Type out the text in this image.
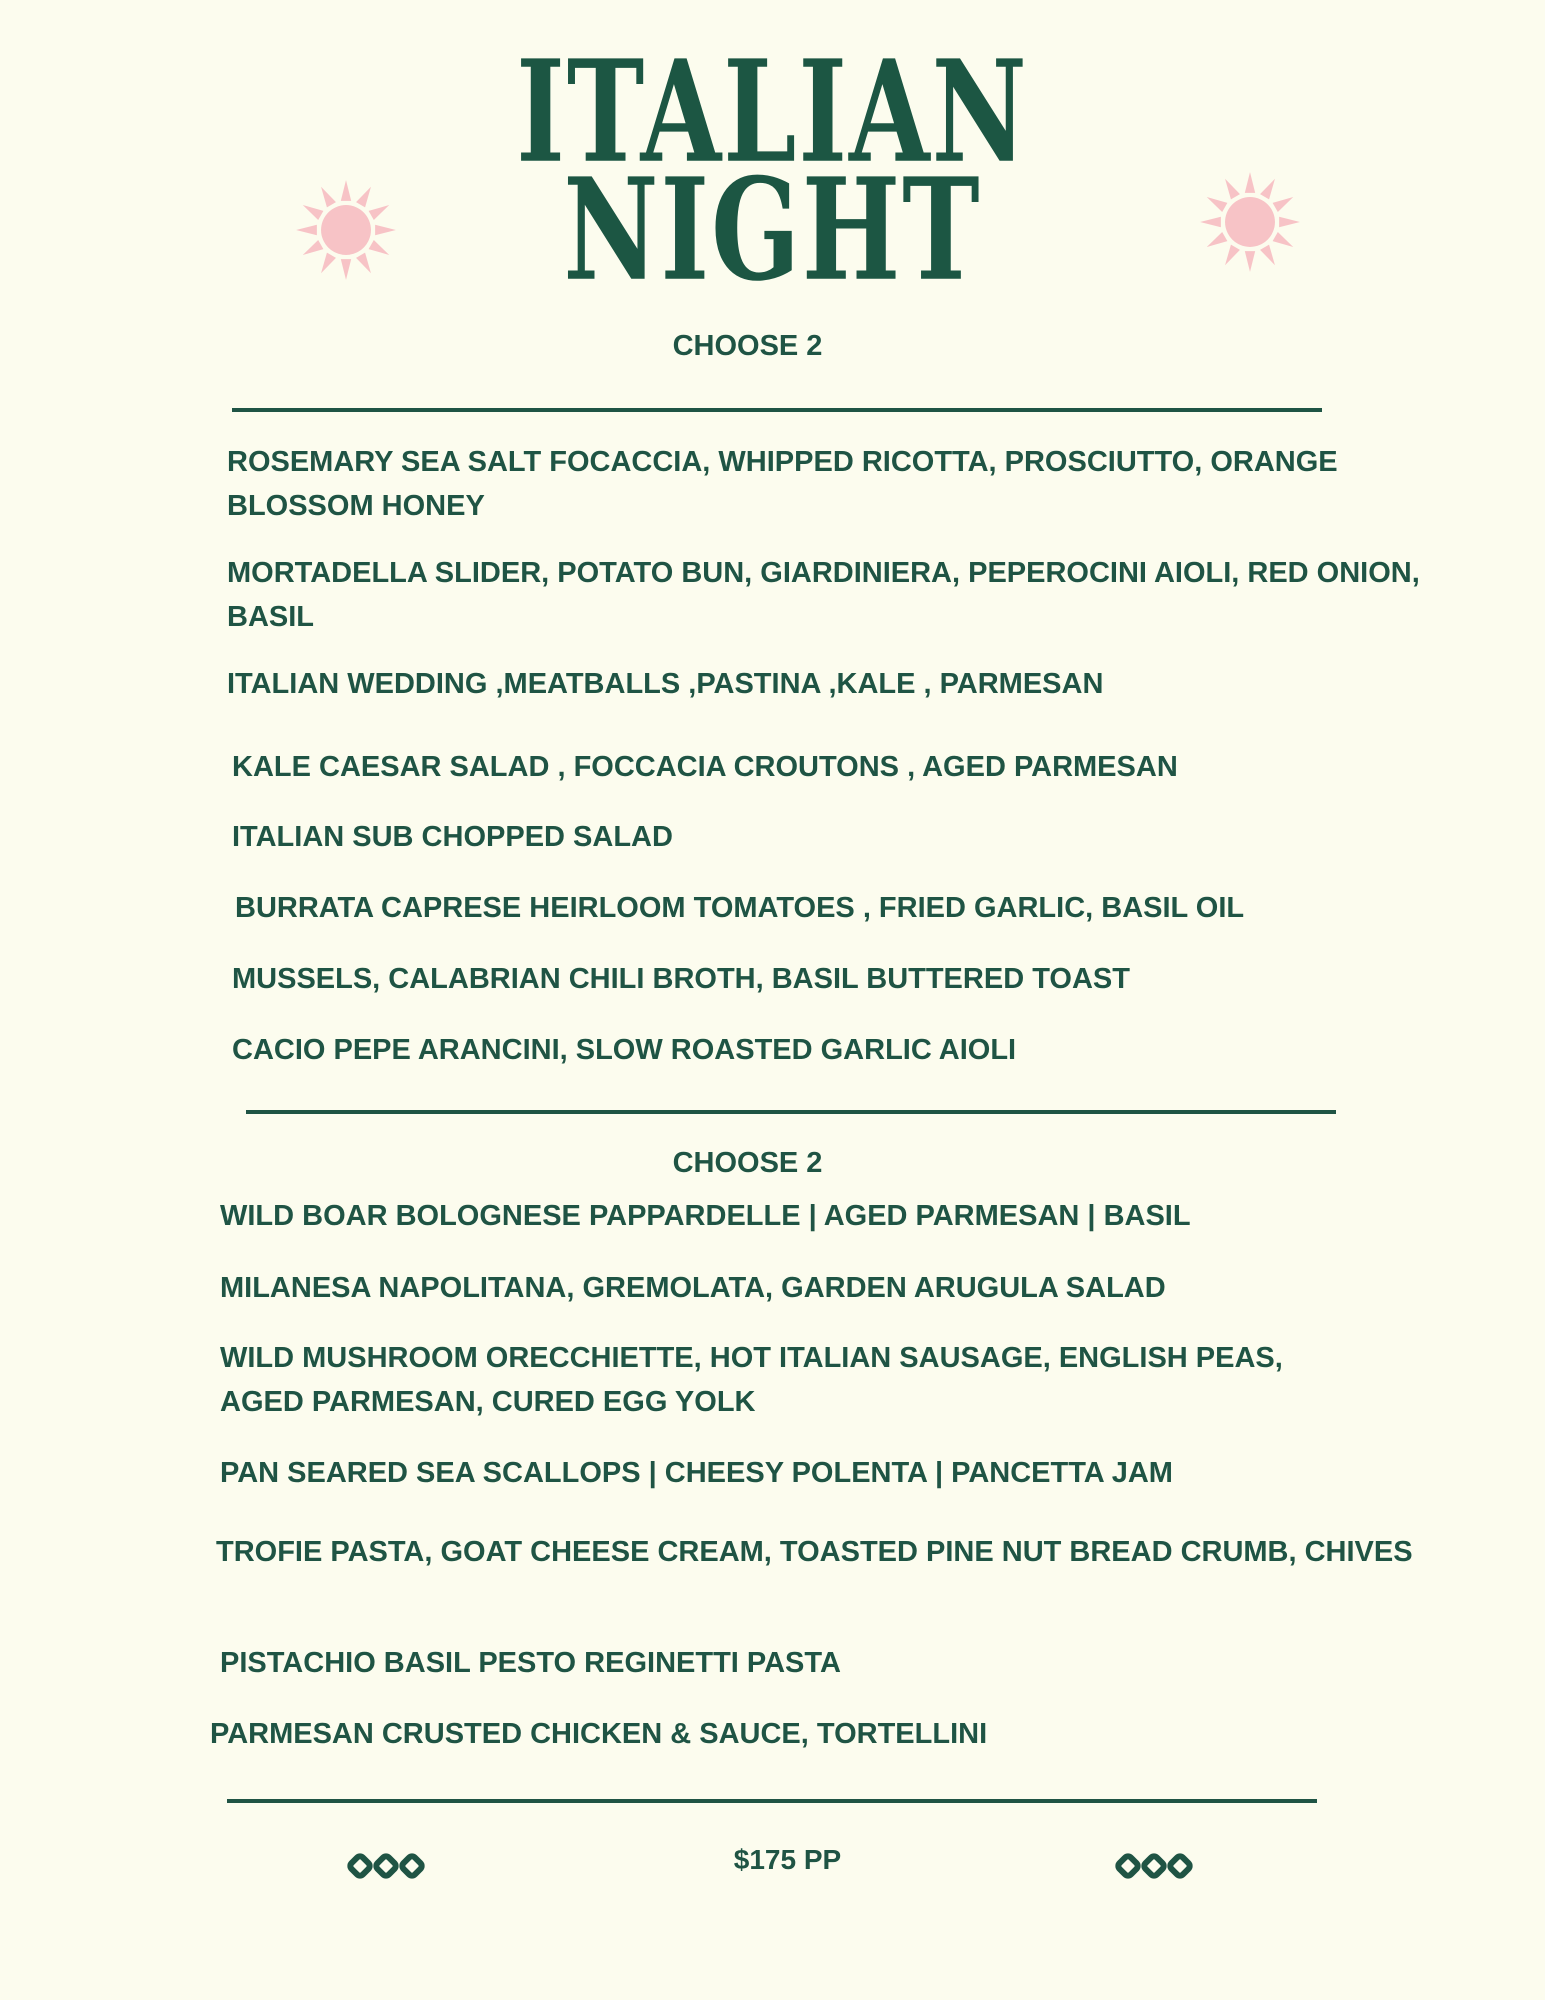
ITALIAN
NIGHT
CHOOSE 2

ROSEMARY SEA SALT FOCACCIA, WHIPPED RICOTTA, PROSCIUTTO, ORANGE BLOSSOM HONEY

MORTADELLA SLIDER, POTATO BUN, GIARDINIERA, PEPEROCINI AIOLI, RED ONION, BASIL

ITALIAN WEDDING ,MEATBALLS ,PASTINA ,KALE , PARMESAN

KALE CAESAR SALAD , FOCCACIA CROUTONS , AGED PARMESAN

ITALIAN SUB CHOPPED SALAD

BURRATA CAPRESE HEIRLOOM TOMATOES , FRIED GARLIC, BASIL OIL

MUSSELS, CALABRIAN CHILI BROTH, BASIL BUTTERED TOAST

CACIO PEPE ARANCINI, SLOW ROASTED GARLIC AIOLI

CHOOSE 2

WILD BOAR BOLOGNESE PAPPARDELLE | AGED PARMESAN | BASIL

MILANESA NAPOLITANA, GREMOLATA, GARDEN ARUGULA SALAD

WILD MUSHROOM ORECCHIETTE, HOT ITALIAN SAUSAGE, ENGLISH PEAS, AGED PARMESAN, CURED EGG YOLK

PAN SEARED SEA SCALLOPS | CHEESY POLENTA | PANCETTA JAM

TROFIE PASTA, GOAT CHEESE CREAM, TOASTED PINE NUT BREAD CRUMB, CHIVES

PISTACHIO BASIL PESTO REGINETTI PASTA

PARMESAN CRUSTED CHICKEN & SAUCE, TORTELLINI

$175 PP
